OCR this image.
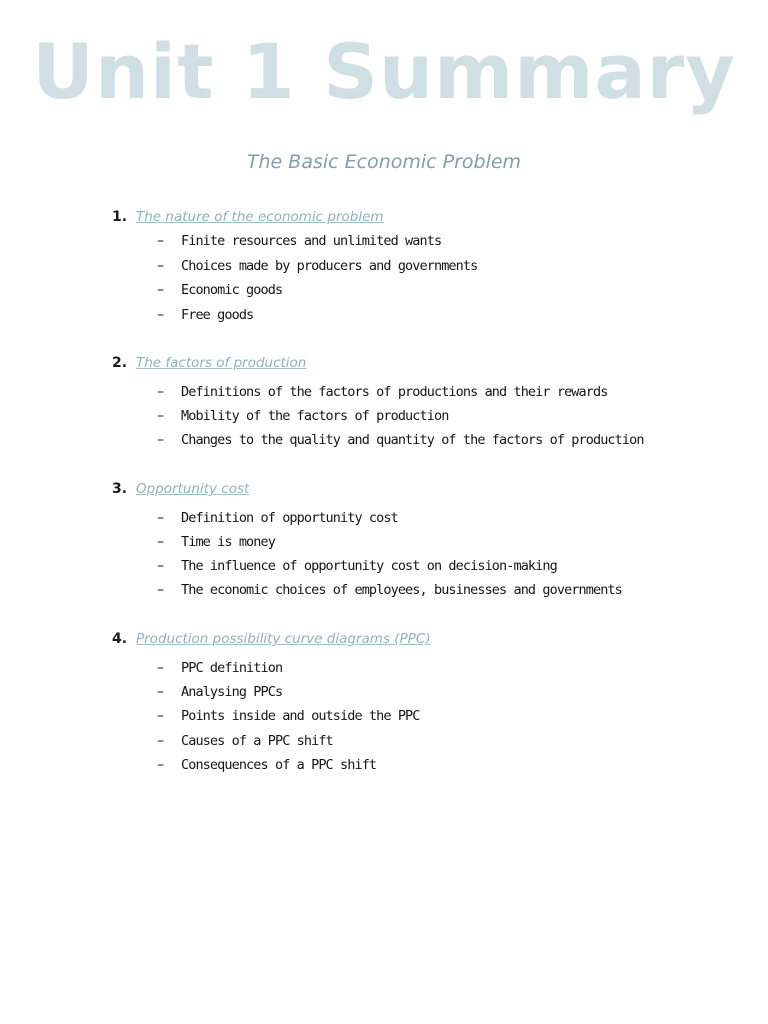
Unit 1 Summary
The Basic Economic Problem
1. The nature of the economic problem
– Finite resources and unlimited wants
– Choices made by producers and governments
– Economic goods
– Free goods
2. The factors of production
– Definitions of the factors of productions and their rewards
– Mobility of the factors of production
– Changes to the quality and quantity of the factors of production
3. Opportunity cost
– Definition of opportunity cost
– Time is money
– The influence of opportunity cost on decision-making
– The economic choices of employees, businesses and governments
4. Production possibility curve diagrams (PPC)
– PPC definition
– Analysing PPCs
– Points inside and outside the PPC
– Causes of a PPC shift
– Consequences of a PPC shift
